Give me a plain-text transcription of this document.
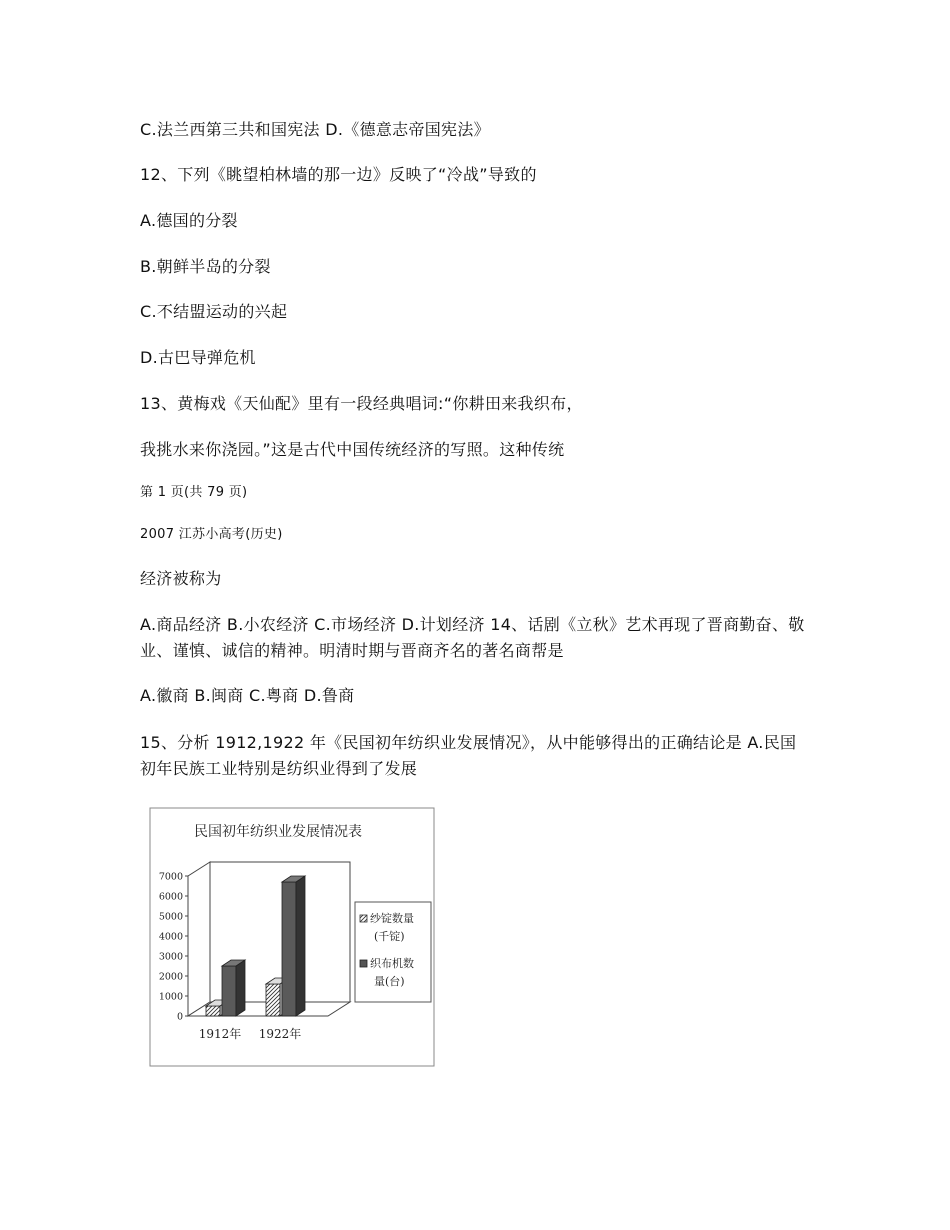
C.法兰西第三共和国宪法 D.《德意志帝国宪法》
12、下列《眺望柏林墙的那一边》反映了“冷战”导致的
A.德国的分裂
B.朝鲜半岛的分裂
C.不结盟运动的兴起
D.古巴导弹危机
13、黄梅戏《天仙配》里有一段经典唱词:“你耕田来我织布，
我挑水来你浇园。”这是古代中国传统经济的写照。这种传统
第 1 页(共 79 页)
2007 江苏小高考(历史)
经济被称为
A.商品经济 B.小农经济 C.市场经济 D.计划经济 14、话剧《立秋》艺术再现了晋商勤奋、敬业、谨慎、诚信的精神。明清时期与晋商齐名的著名商帮是
A.徽商 B.闽商 C.粤商 D.鲁商
15、分析 1912,1922 年《民国初年纺织业发展情况》，从中能够得出的正确结论是 A.民国初年民族工业特别是纺织业得到了发展
民国初年纺织业发展情况表
0
1000
2000
3000
4000
5000
6000
7000
1912年 1922年
纱锭数量
(千锭)
织布机数
量(台)
